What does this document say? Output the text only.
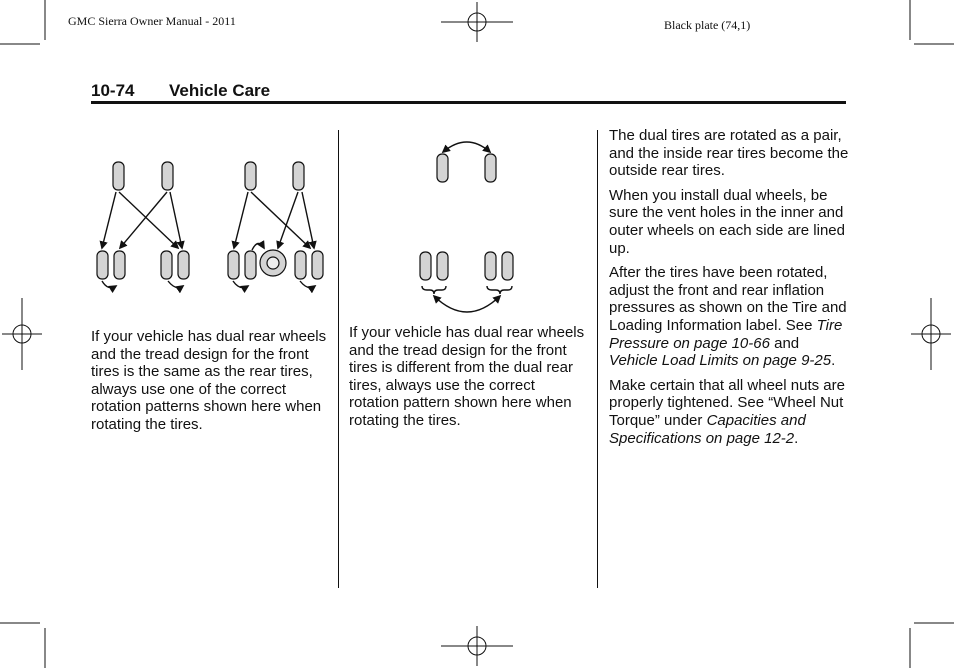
GMC Sierra Owner Manual - 2011	Black plate (74,1)
10-74 Vehicle Care

If your vehicle has dual rear wheels and the tread design for the front tires is the same as the rear tires, always use one of the correct rotation patterns shown here when rotating the tires.

If your vehicle has dual rear wheels and the tread design for the front tires is different from the dual rear tires, always use the correct rotation pattern shown here when rotating the tires.

The dual tires are rotated as a pair, and the inside rear tires become the outside rear tires.

When you install dual wheels, be sure the vent holes in the inner and outer wheels on each side are lined up.

After the tires have been rotated, adjust the front and rear inflation pressures as shown on the Tire and Loading Information label. See Tire Pressure on page 10-66 and Vehicle Load Limits on page 9-25.

Make certain that all wheel nuts are properly tightened. See “Wheel Nut Torque” under Capacities and Specifications on page 12-2.
